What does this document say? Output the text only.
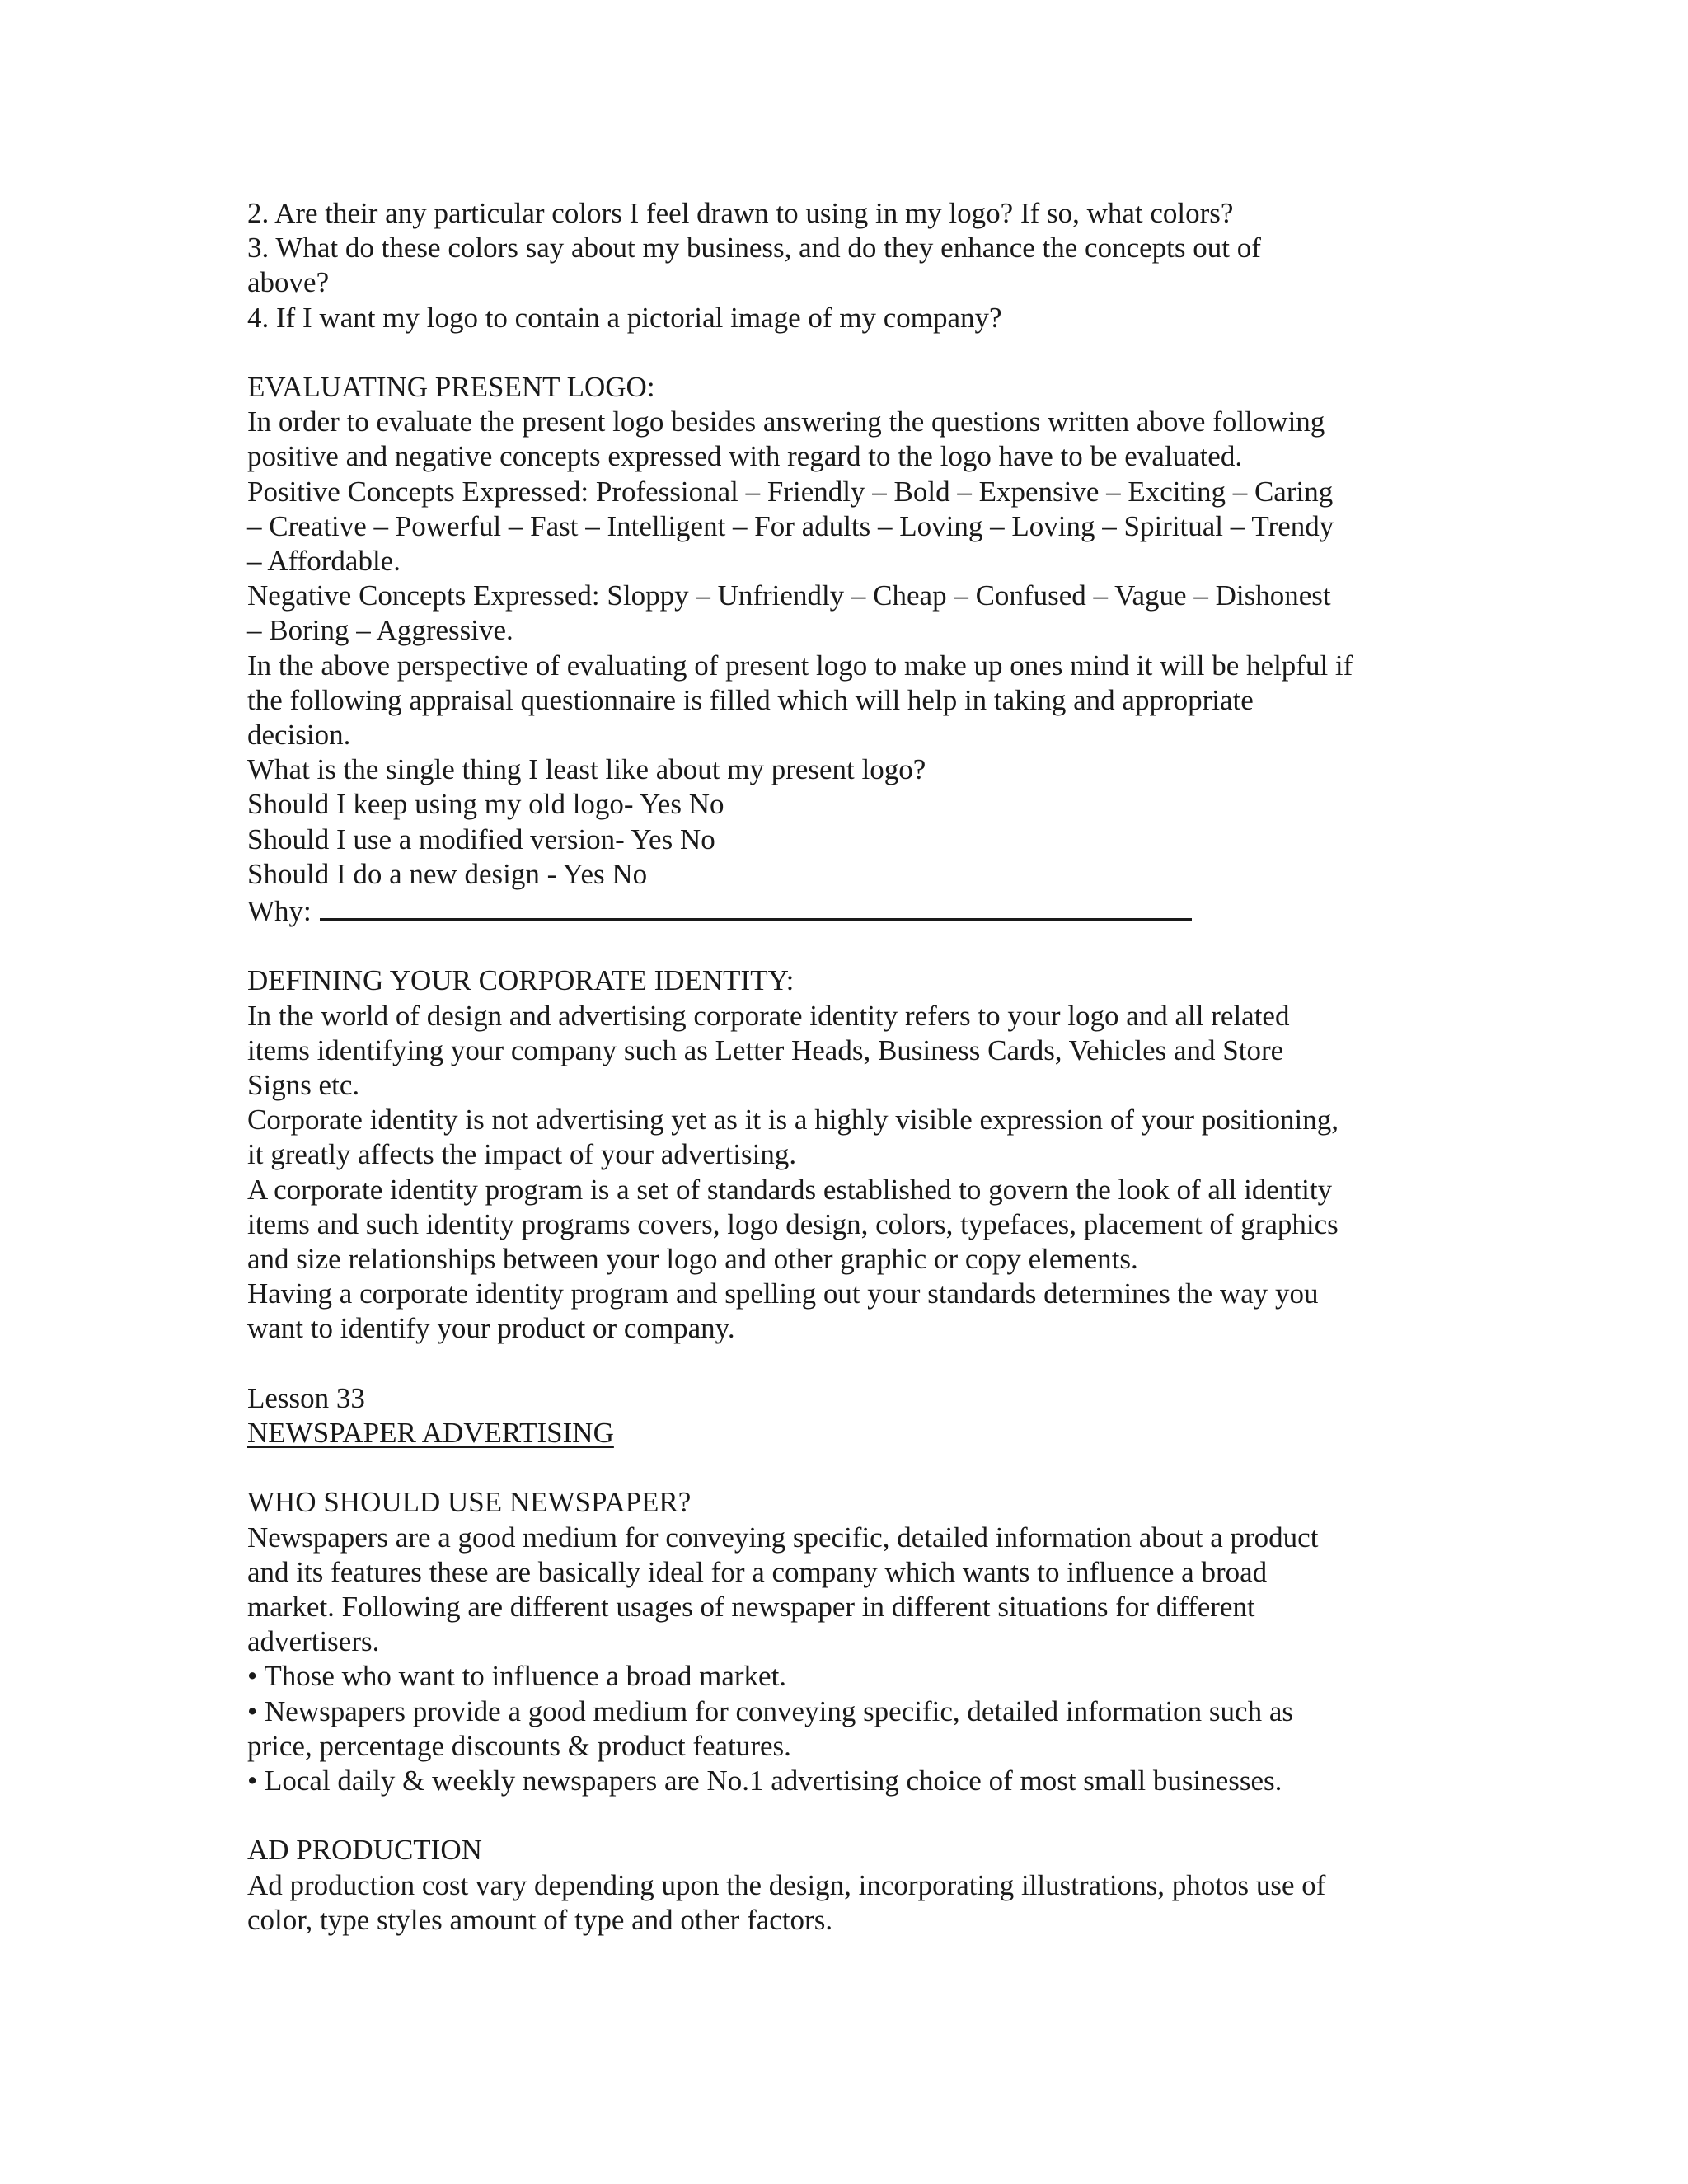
2. Are their any particular colors I feel drawn to using in my logo? If so, what colors?
3. What do these colors say about my business, and do they enhance the concepts out of
above?
4. If I want my logo to contain a pictorial image of my company?
EVALUATING PRESENT LOGO:
In order to evaluate the present logo besides answering the questions written above following
positive and negative concepts expressed with regard to the logo have to be evaluated.
Positive Concepts Expressed: Professional – Friendly – Bold – Expensive – Exciting – Caring
– Creative – Powerful – Fast – Intelligent – For adults – Loving – Loving – Spiritual – Trendy
– Affordable.
Negative Concepts Expressed: Sloppy – Unfriendly – Cheap – Confused – Vague – Dishonest
– Boring – Aggressive.
In the above perspective of evaluating of present logo to make up ones mind it will be helpful if
the following appraisal questionnaire is filled which will help in taking and appropriate
decision.
What is the single thing I least like about my present logo?
Should I keep using my old logo- Yes No
Should I use a modified version- Yes No
Should I do a new design - Yes No
Why:
DEFINING YOUR CORPORATE IDENTITY:
In the world of design and advertising corporate identity refers to your logo and all related
items identifying your company such as Letter Heads, Business Cards, Vehicles and Store
Signs etc.
Corporate identity is not advertising yet as it is a highly visible expression of your positioning,
it greatly affects the impact of your advertising.
A corporate identity program is a set of standards established to govern the look of all identity
items and such identity programs covers, logo design, colors, typefaces, placement of graphics
and size relationships between your logo and other graphic or copy elements.
Having a corporate identity program and spelling out your standards determines the way you
want to identify your product or company.
Lesson 33
NEWSPAPER ADVERTISING
WHO SHOULD USE NEWSPAPER?
Newspapers are a good medium for conveying specific, detailed information about a product
and its features these are basically ideal for a company which wants to influence a broad
market. Following are different usages of newspaper in different situations for different
advertisers.
• Those who want to influence a broad market.
• Newspapers provide a good medium for conveying specific, detailed information such as
price, percentage discounts & product features.
• Local daily & weekly newspapers are No.1 advertising choice of most small businesses.
AD PRODUCTION
Ad production cost vary depending upon the design, incorporating illustrations, photos use of
color, type styles amount of type and other factors.
